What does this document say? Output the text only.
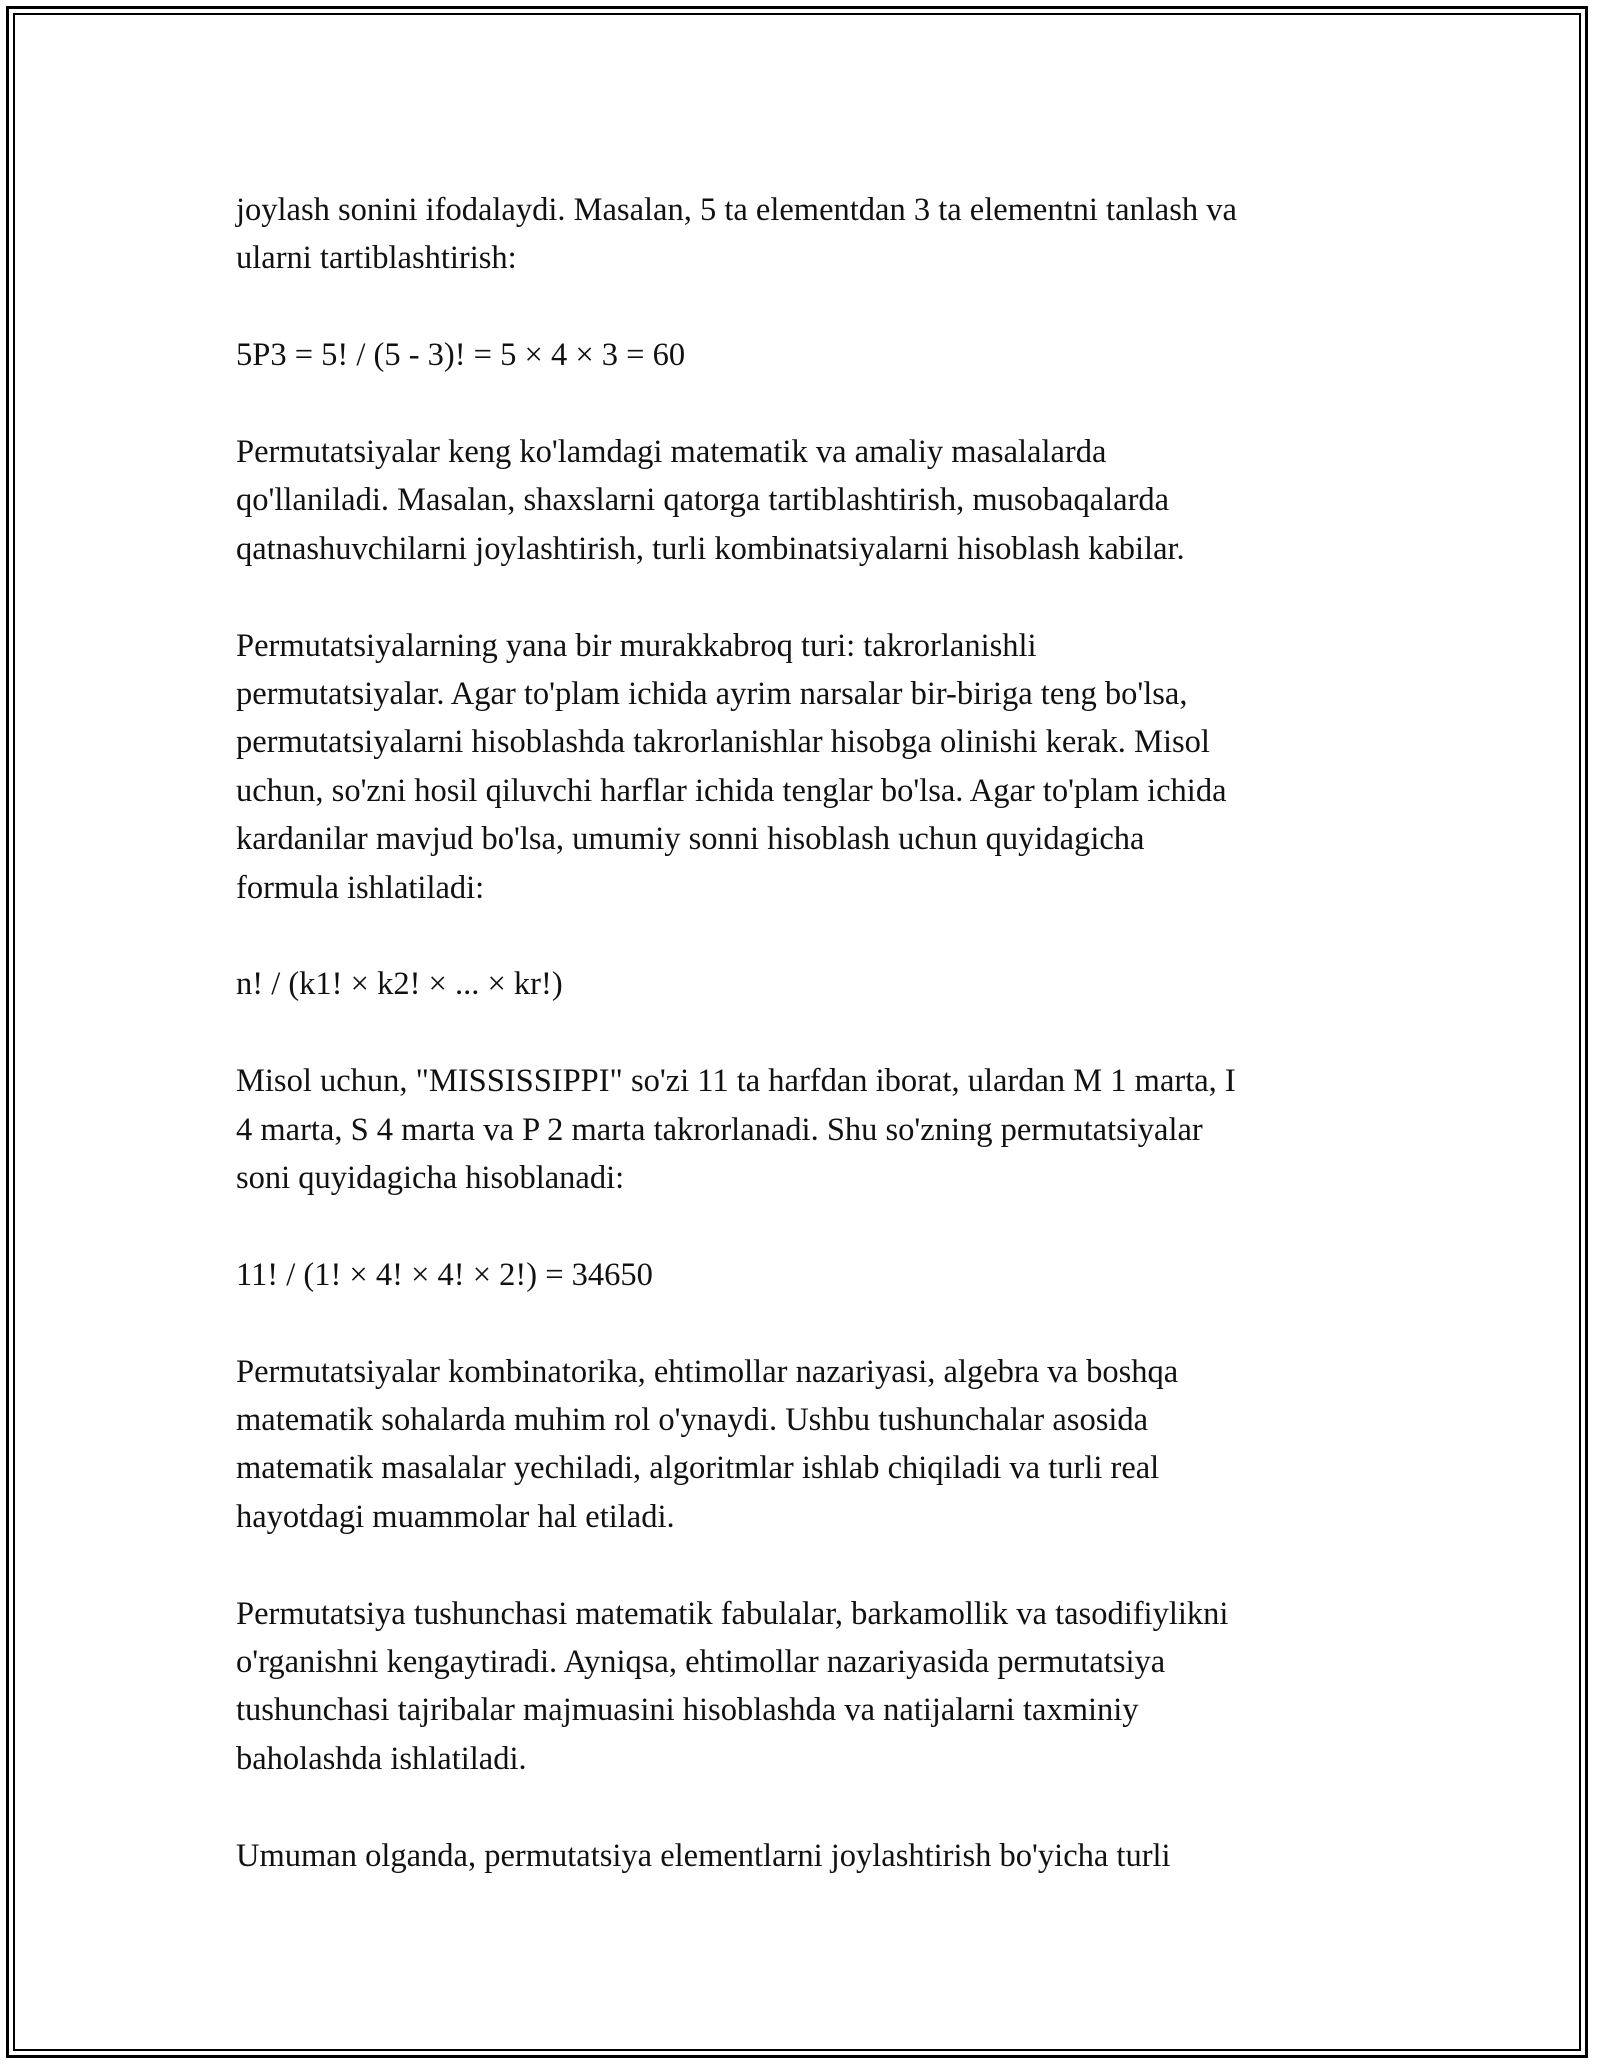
joylash sonini ifodalaydi. Masalan, 5 ta elementdan 3 ta elementni tanlash va
ularni tartiblashtirish:

5P3 = 5! / (5 - 3)! = 5 × 4 × 3 = 60

Permutatsiyalar keng ko'lamdagi matematik va amaliy masalalarda
qo'llaniladi. Masalan, shaxslarni qatorga tartiblashtirish, musobaqalarda
qatnashuvchilarni joylashtirish, turli kombinatsiyalarni hisoblash kabilar.

Permutatsiyalarning yana bir murakkabroq turi: takrorlanishli
permutatsiyalar. Agar to'plam ichida ayrim narsalar bir-biriga teng bo'lsa,
permutatsiyalarni hisoblashda takrorlanishlar hisobga olinishi kerak. Misol
uchun, so'zni hosil qiluvchi harflar ichida tenglar bo'lsa. Agar to'plam ichida
kardanilar mavjud bo'lsa, umumiy sonni hisoblash uchun quyidagicha
formula ishlatiladi:

n! / (k1! × k2! × ... × kr!)

Misol uchun, "MISSISSIPPI" so'zi 11 ta harfdan iborat, ulardan M 1 marta, I
4 marta, S 4 marta va P 2 marta takrorlanadi. Shu so'zning permutatsiyalar
soni quyidagicha hisoblanadi:

11! / (1! × 4! × 4! × 2!) = 34650

Permutatsiyalar kombinatorika, ehtimollar nazariyasi, algebra va boshqa
matematik sohalarda muhim rol o'ynaydi. Ushbu tushunchalar asosida
matematik masalalar yechiladi, algoritmlar ishlab chiqiladi va turli real
hayotdagi muammolar hal etiladi.

Permutatsiya tushunchasi matematik fabulalar, barkamollik va tasodifiylikni
o'rganishni kengaytiradi. Ayniqsa, ehtimollar nazariyasida permutatsiya
tushunchasi tajribalar majmuasini hisoblashda va natijalarni taxminiy
baholashda ishlatiladi.

Umuman olganda, permutatsiya elementlarni joylashtirish bo'yicha turli
